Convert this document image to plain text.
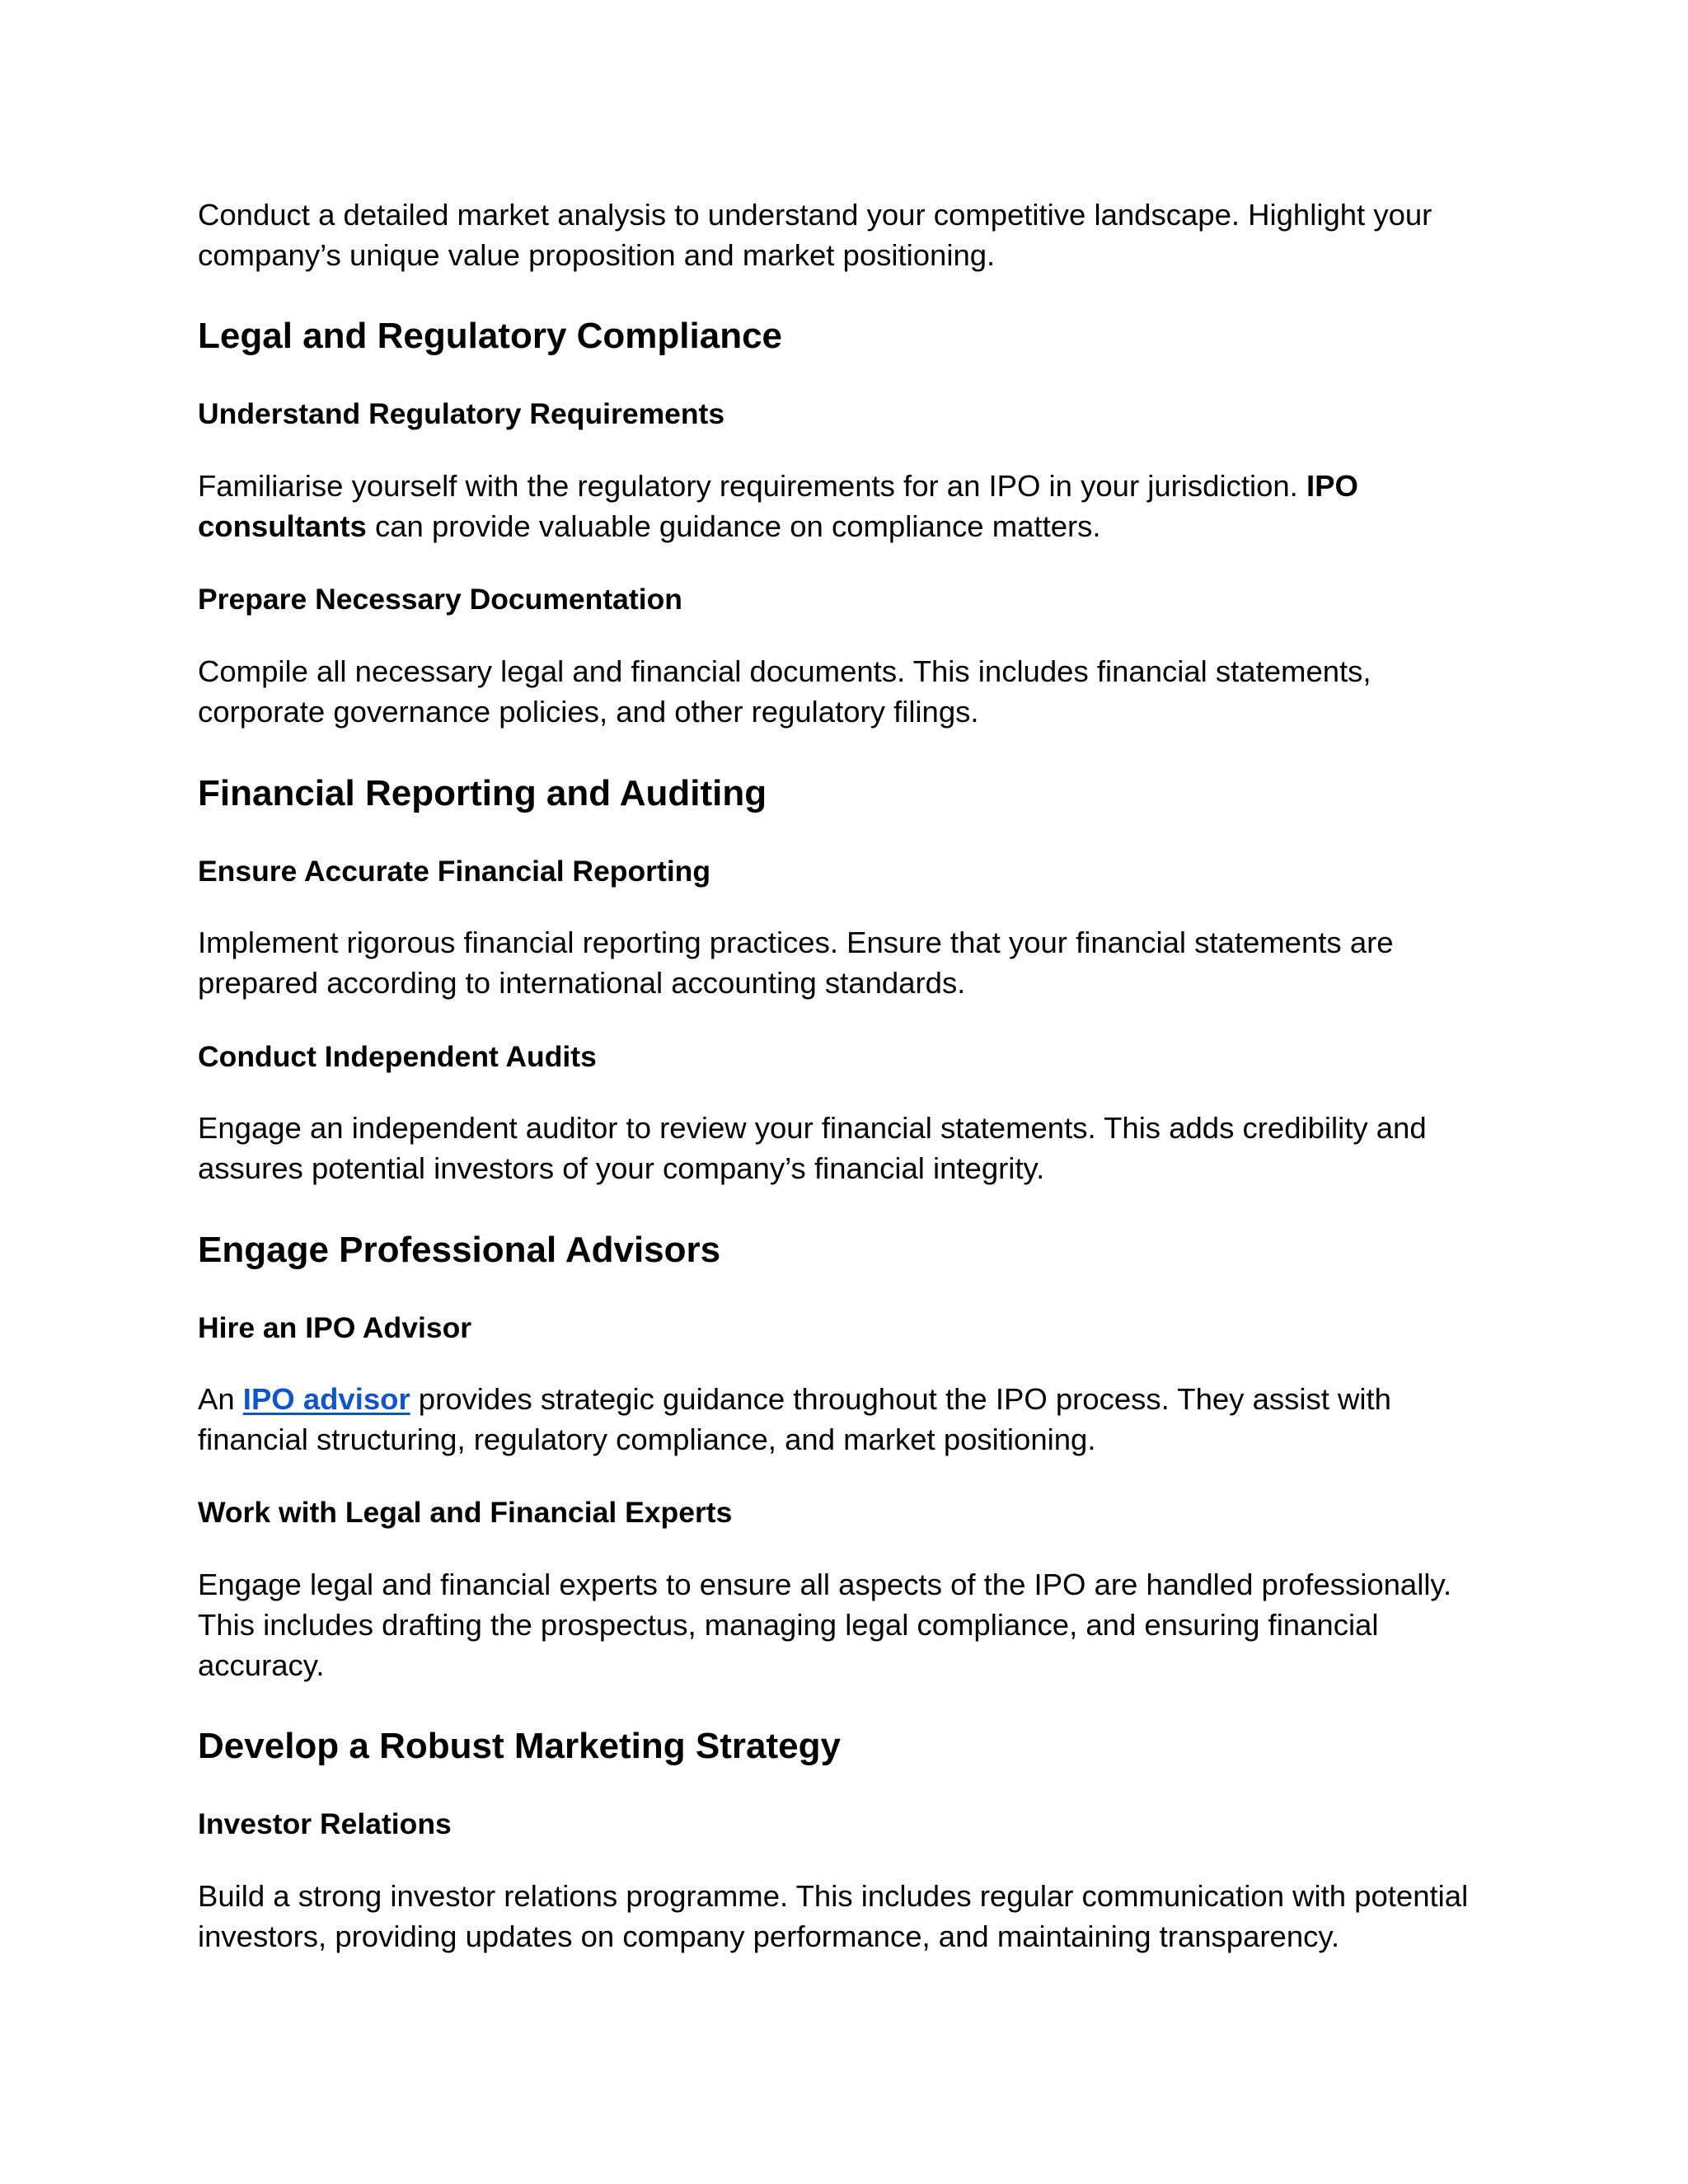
Conduct a detailed market analysis to understand your competitive landscape. Highlight your
company’s unique value proposition and market positioning.

Legal and Regulatory Compliance
Understand Regulatory Requirements

Familiarise yourself with the regulatory requirements for an IPO in your jurisdiction. IPO
consultants can provide valuable guidance on compliance matters.

Prepare Necessary Documentation

Compile all necessary legal and financial documents. This includes financial statements,
corporate governance policies, and other regulatory filings.

Financial Reporting and Auditing
Ensure Accurate Financial Reporting

Implement rigorous financial reporting practices. Ensure that your financial statements are
prepared according to international accounting standards.

Conduct Independent Audits

Engage an independent auditor to review your financial statements. This adds credibility and
assures potential investors of your company’s financial integrity.

Engage Professional Advisors
Hire an IPO Advisor

An IPO advisor provides strategic guidance throughout the IPO process. They assist with
financial structuring, regulatory compliance, and market positioning.

Work with Legal and Financial Experts

Engage legal and financial experts to ensure all aspects of the IPO are handled professionally.
This includes drafting the prospectus, managing legal compliance, and ensuring financial
accuracy.

Develop a Robust Marketing Strategy
Investor Relations

Build a strong investor relations programme. This includes regular communication with potential
investors, providing updates on company performance, and maintaining transparency.
